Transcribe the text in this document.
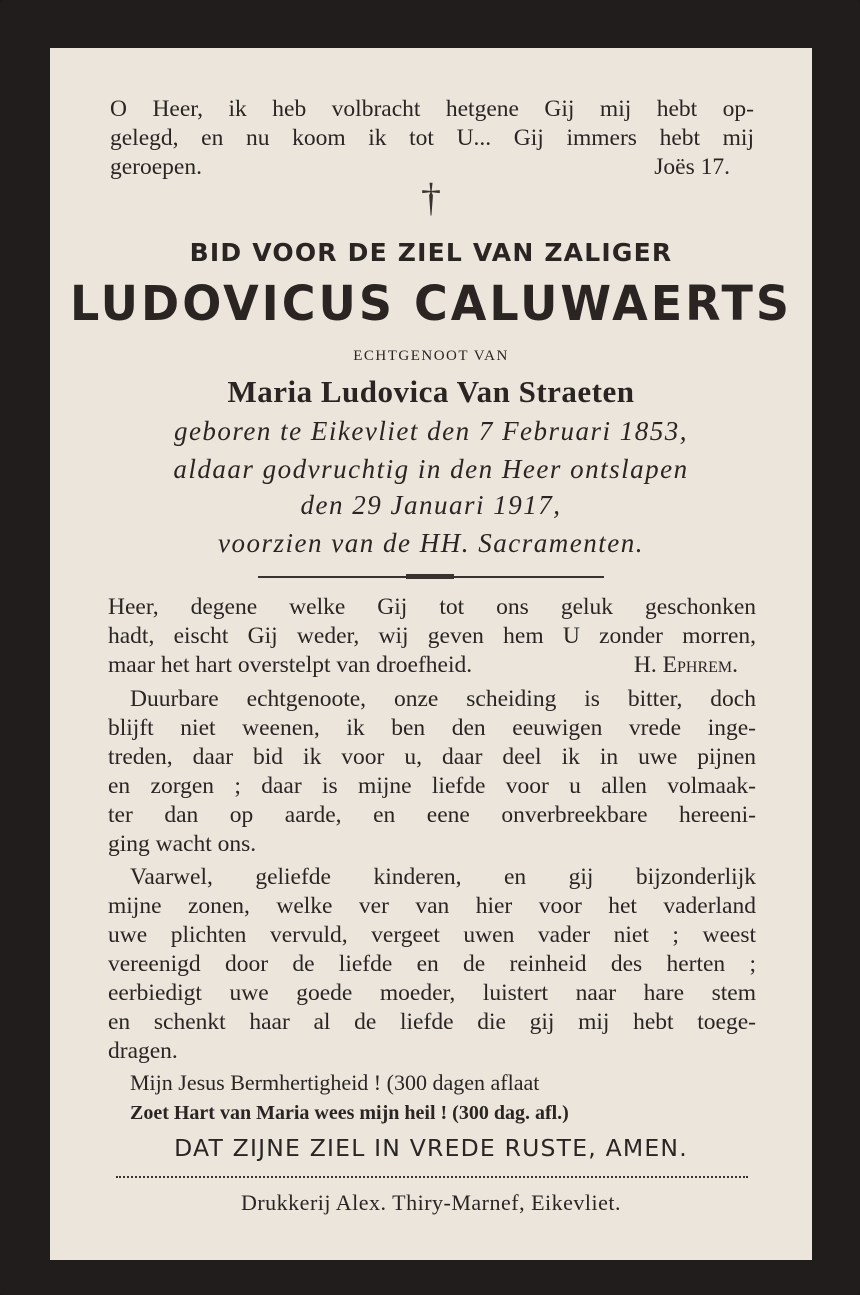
O Heer, ik heb volbracht hetgene Gij mij hebt op-
gelegd, en nu koom ik tot U... Gij immers hebt mij
geroepen.	Joës 17.
†
BID VOOR DE ZIEL VAN ZALIGER
LUDOVICUS CALUWAERTS
ECHTGENOOT VAN
Maria Ludovica Van Straeten
geboren te Eikevliet den 7 Februari 1853,
aldaar godvruchtig in den Heer ontslapen
den 29 Januari 1917,
voorzien van de HH. Sacramenten.
Heer, degene welke Gij tot ons geluk geschonken
hadt, eischt Gij weder, wij geven hem U zonder morren,
maar het hart overstelpt van droefheid.	H. Ephrem.
Duurbare echtgenoote, onze scheiding is bitter, doch
blijft niet weenen, ik ben den eeuwigen vrede inge-
treden, daar bid ik voor u, daar deel ik in uwe pijnen
en zorgen ; daar is mijne liefde voor u allen volmaak-
ter dan op aarde, en eene onverbreekbare hereeni-
ging wacht ons.
Vaarwel, geliefde kinderen, en gij bijzonderlijk
mijne zonen, welke ver van hier voor het vaderland
uwe plichten vervuld, vergeet uwen vader niet ; weest
vereenigd door de liefde en de reinheid des herten ;
eerbiedigt uwe goede moeder, luistert naar hare stem
en schenkt haar al de liefde die gij mij hebt toege-
dragen.
Mijn Jesus Bermhertigheid ! (300 dagen aflaat
Zoet Hart van Maria wees mijn heil ! (300 dag. afl.)
DAT ZIJNE ZIEL IN VREDE RUSTE, AMEN.
Drukkerij Alex. Thiry-Marnef, Eikevliet.
